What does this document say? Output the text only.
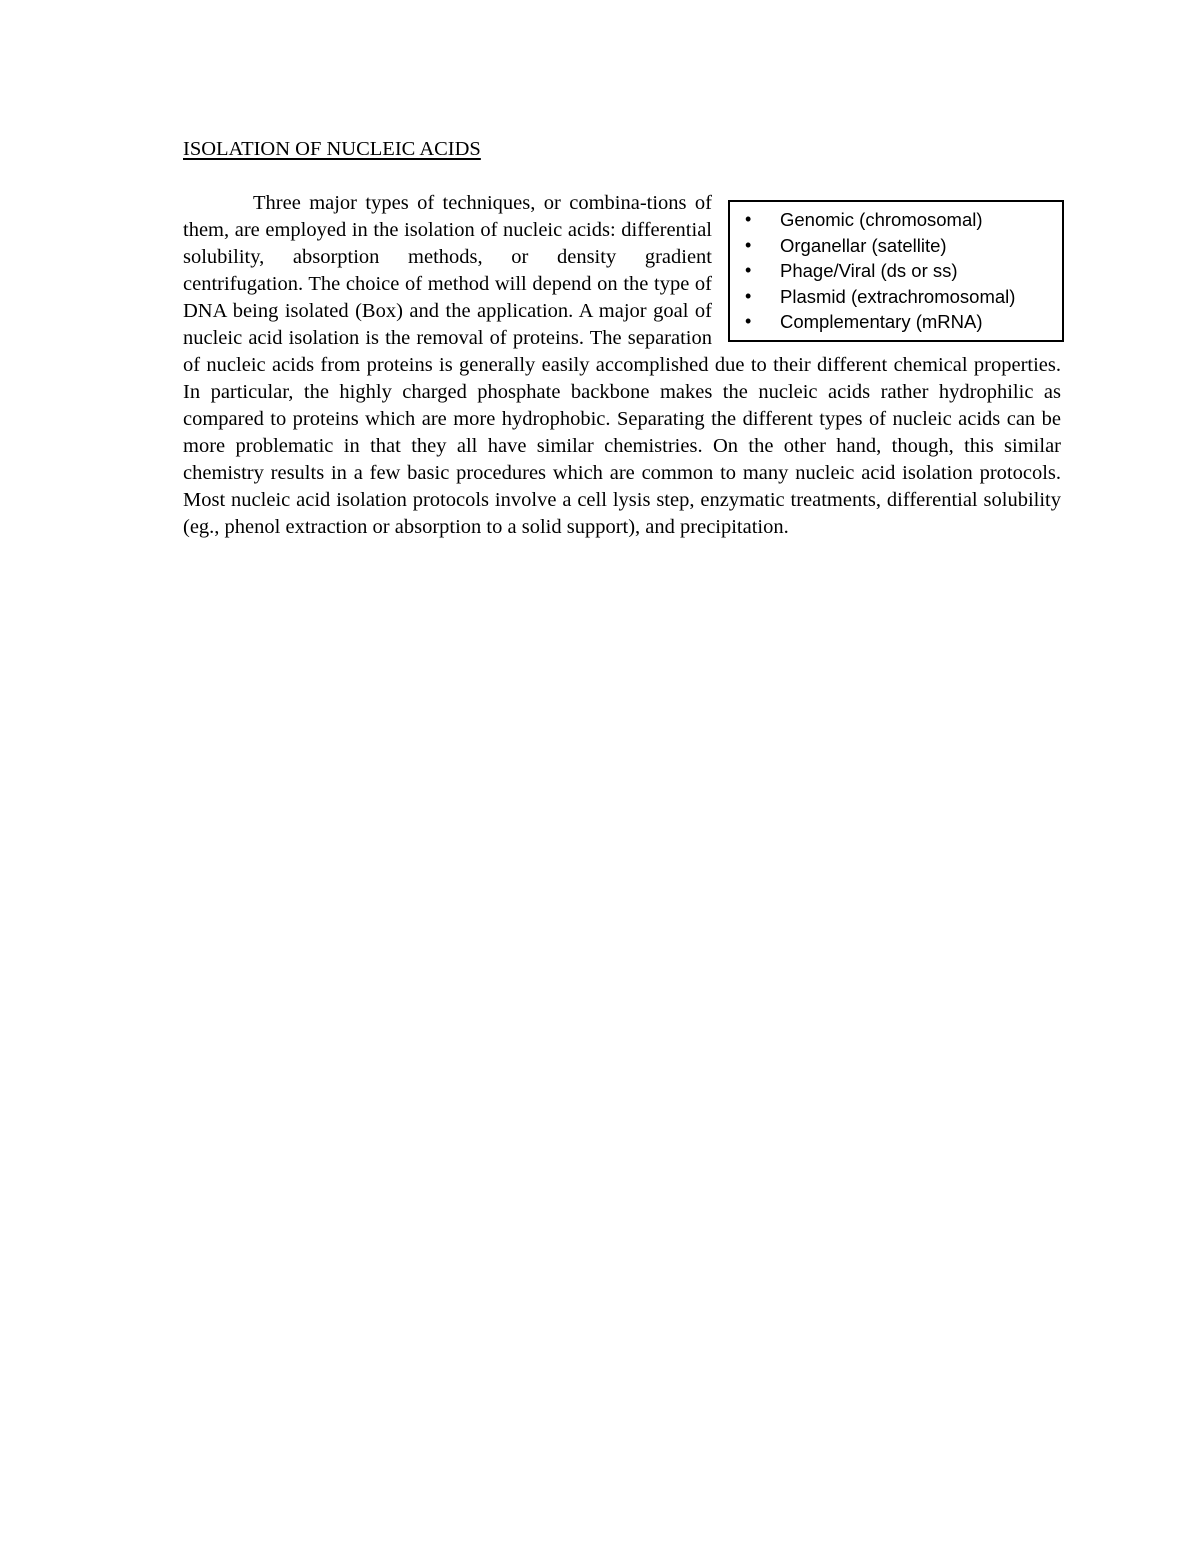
ISOLATION OF NUCLEIC ACIDS
• Genomic (chromosomal)
• Organellar (satellite)
• Phage/Viral (ds or ss)
• Plasmid (extrachromosomal)
• Complementary (mRNA)

Three major types of techniques, or combina-tions of them, are employed in the isolation of nucleic acids: differential solubility, absorption methods, or density gradient centrifugation. The choice of method will depend on the type of DNA being isolated (Box) and the application. A major goal of nucleic acid isolation is the removal of proteins. The separation of nucleic acids from proteins is generally easily accomplished due to their different chemical properties. In particular, the highly charged phosphate backbone makes the nucleic acids rather hydrophilic as compared to proteins which are more hydrophobic. Separating the different types of nucleic acids can be more problematic in that they all have similar chemistries. On the other hand, though, this similar chemistry results in a few basic procedures which are common to many nucleic acid isolation protocols. Most nucleic acid isolation protocols involve a cell lysis step, enzymatic treatments, differential solubility (eg., phenol extraction or absorption to a solid support), and precipitation.
